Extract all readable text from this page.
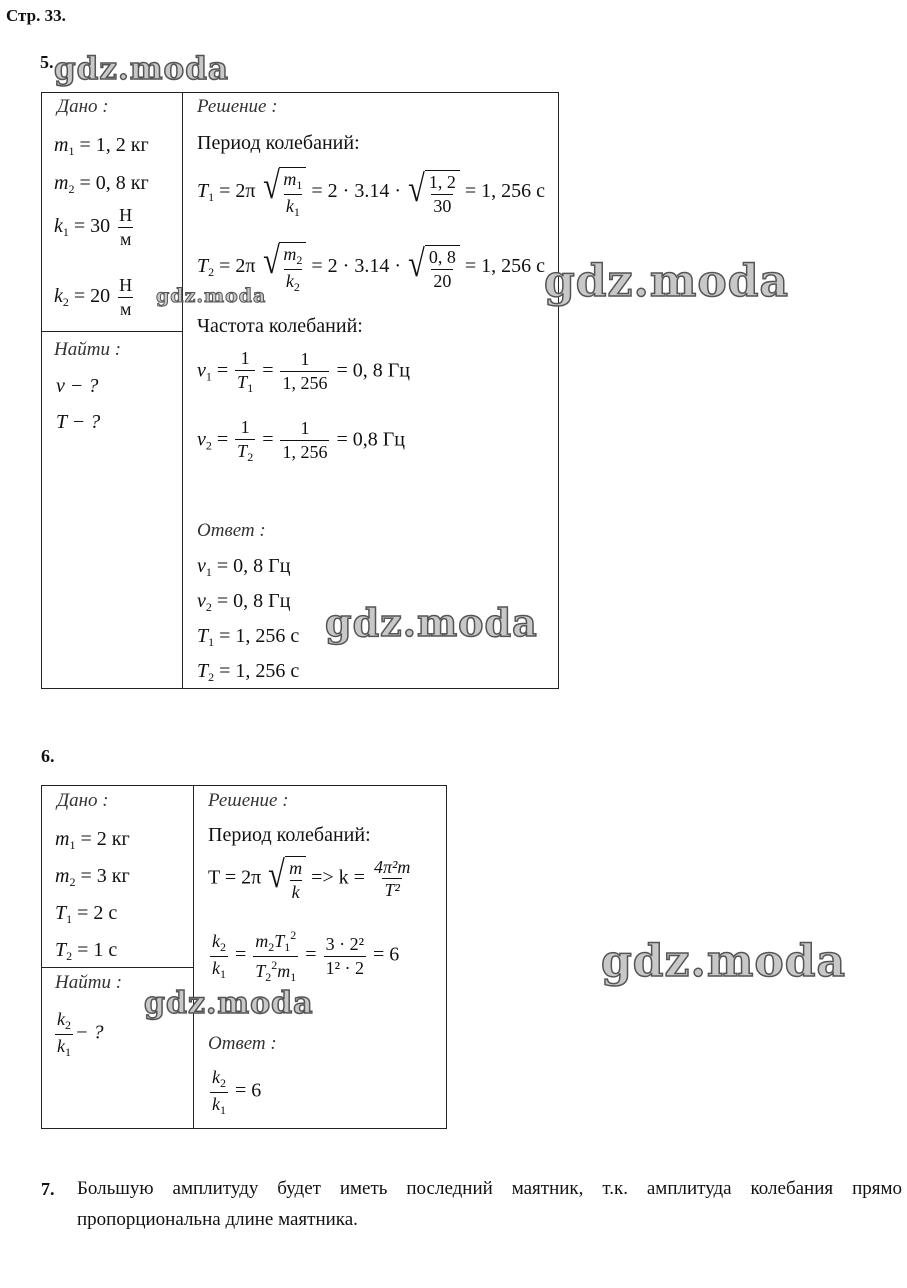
Стр. 33.
5.
Дано :
$m_1 = 1$, 2 кг
$m_2 = 0$, 8 кг
$k_1 = 30 \frac{Н}{м}$
$k_2 = 20 \frac{Н}{м}$
Найти :
ν − ?
T − ?
Решение :
Период колебаний:
$T_1 = 2\pi$ √ $\frac{m_1}{k_1} = 2 \cdot 3.14$ · √ $\frac{1, 2}{30} = 1$, 256 с
$T_2 = 2\pi$ √ $\frac{m_2}{k_2} = 2 \cdot 3.14$ · √ $\frac{0, 8}{20} = 1$, 256 с
Частота колебаний:
$\nu_1 = \frac{1}{T_1} = \frac{1}{1, 256} = 0$, 8 Гц
$\nu_2 = \frac{1}{T_2} = \frac{1}{1, 256} = 0,8$ Гц
Ответ :
$\nu_1 = 0$, 8 Гц
$\nu_2 = 0$, 8 Гц
$T_1 = 1$, 256 с
$T_2 = 1$, 256 с
6.
Дано :
$m_1 = 2$ кг
$m_2 = 3$ кг
$T_1 = 2$ с
$T_2 = 1$ с
Найти :
$\frac{k_2}{k_1}$ − ?
Решение :
Период колебаний:
T = 2π √ $\frac{m}{k} => k = \frac{\text{4π²m}}{\text{T²}}$
$\frac{k_2}{k_1} = \frac{m_2T_1^2}{T_2^2m_1} = \frac{\text{3 · 2²}}{\text{1² · 2}} = 6$
Ответ :
$\frac{k_2}{k_1} = 6$
7. Большую амплитуду будет иметь последний маятник, т.к. амплитуда колебания прямо пропорциональна длине маятника.
gdz.moda
gdz.moda	gdz.moda
gdz.moda
gdz.moda
gdz.moda
